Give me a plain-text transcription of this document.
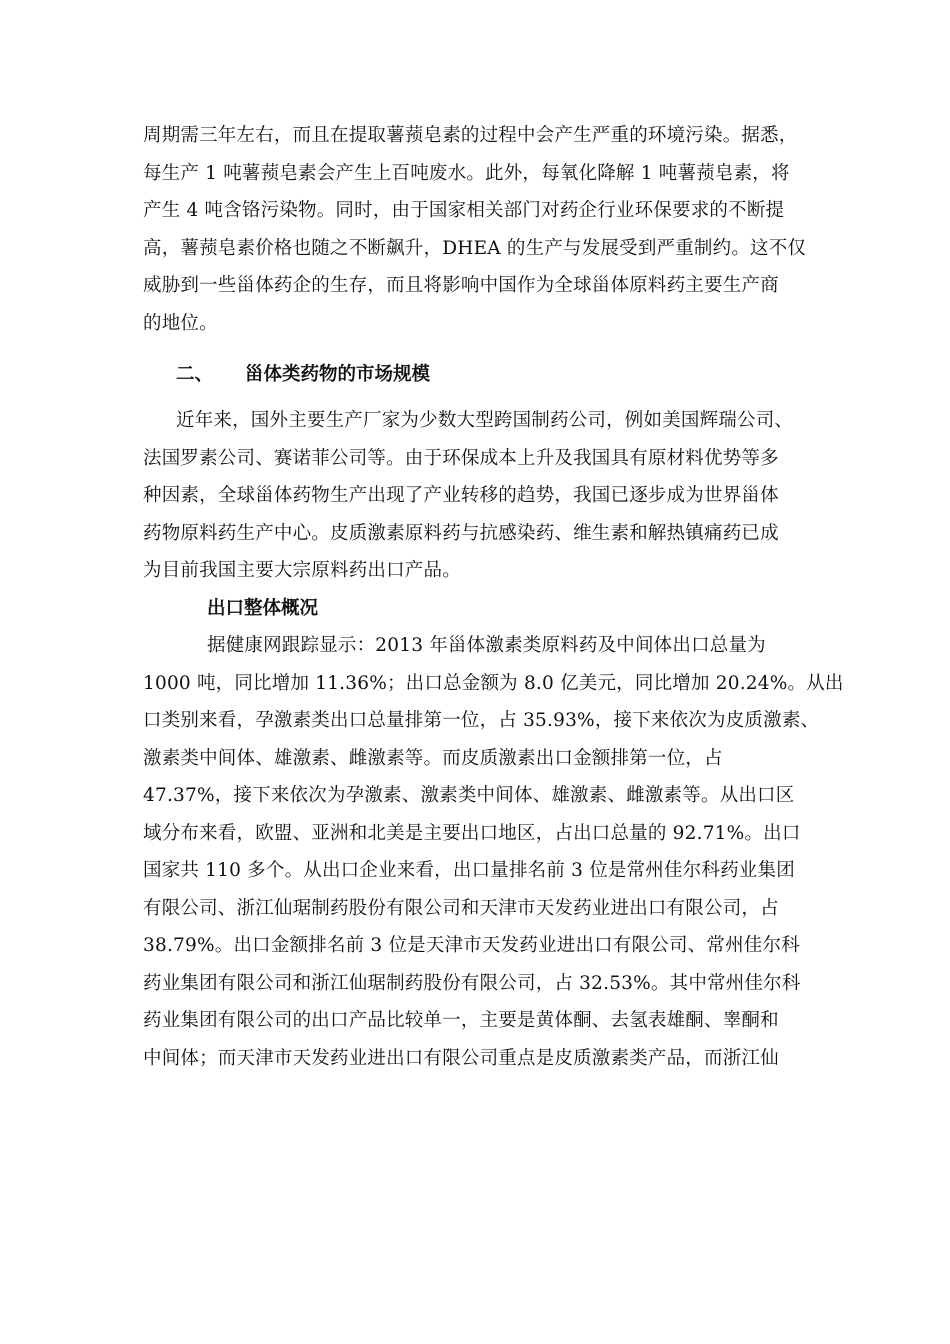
周期需三年左右，而且在提取薯蓣皂素的过程中会产生严重的环境污染。据悉，
每生产 1 吨薯蓣皂素会产生上百吨废水。此外，每氧化降解 1 吨薯蓣皂素，将
产生 4 吨含铬污染物。同时，由于国家相关部门对药企行业环保要求的不断提
高，薯蓣皂素价格也随之不断飙升，DHEA 的生产与发展受到严重制约。这不仅
威胁到一些甾体药企的生存，而且将影响中国作为全球甾体原料药主要生产商
的地位。
二、 甾体类药物的市场规模
近年来，国外主要生产厂家为少数大型跨国制药公司，例如美国辉瑞公司、
法国罗素公司、赛诺菲公司等。由于环保成本上升及我国具有原材料优势等多
种因素，全球甾体药物生产出现了产业转移的趋势，我国已逐步成为世界甾体
药物原料药生产中心。皮质激素原料药与抗感染药、维生素和解热镇痛药已成
为目前我国主要大宗原料药出口产品。
出口整体概况
据健康网跟踪显示：2013 年甾体激素类原料药及中间体出口总量为
1000 吨，同比增加 11.36%；出口总金额为 8.0 亿美元，同比增加 20.24%。从出
口类别来看，孕激素类出口总量排第一位，占 35.93%，接下来依次为皮质激素、
激素类中间体、雄激素、雌激素等。而皮质激素出口金额排第一位，占
47.37%，接下来依次为孕激素、激素类中间体、雄激素、雌激素等。从出口区
域分布来看，欧盟、亚洲和北美是主要出口地区，占出口总量的 92.71%。出口
国家共 110 多个。从出口企业来看，出口量排名前 3 位是常州佳尔科药业集团
有限公司、浙江仙琚制药股份有限公司和天津市天发药业进出口有限公司，占
38.79%。出口金额排名前 3 位是天津市天发药业进出口有限公司、常州佳尔科
药业集团有限公司和浙江仙琚制药股份有限公司，占 32.53%。其中常州佳尔科
药业集团有限公司的出口产品比较单一，主要是黄体酮、去氢表雄酮、睾酮和
中间体；而天津市天发药业进出口有限公司重点是皮质激素类产品，而浙江仙
